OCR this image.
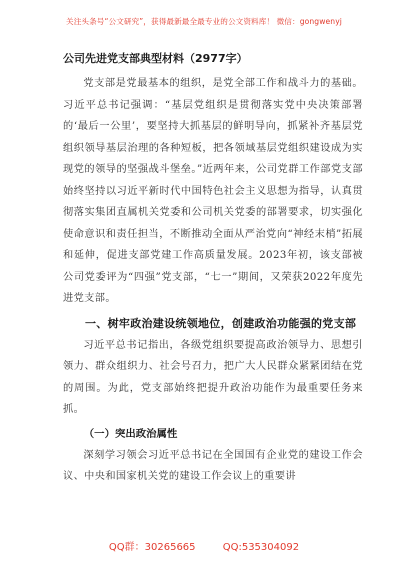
关注头条号“公文研究”，获得最新最全最专业的公文资料库！ 微信：gongwenyj
公司先进党支部典型材料（2977字）

党支部是党最基本的组织，是党全部工作和战斗力的基础。习近平总书记强调：“基层党组织是贯彻落实党中央决策部署的‘最后一公里’，要坚持大抓基层的鲜明导向，抓紧补齐基层党组织领导基层治理的各种短板，把各领域基层党组织建设成为实现党的领导的坚强战斗堡垒。”近两年来，公司党群工作部党支部始终坚持以习近平新时代中国特色社会主义思想为指导，认真贯彻落实集团直属机关党委和公司机关党委的部署要求，切实强化使命意识和责任担当，不断推动全面从严治党向“神经末梢”拓展和延伸，促进支部党建工作高质量发展。2023年初，该支部被公司党委评为“四强”党支部，“七一”期间，又荣获2022年度先进党支部。

一、树牢政治建设统领地位，创建政治功能强的党支部

习近平总书记指出，各级党组织要提高政治领导力、思想引领力、群众组织力、社会号召力，把广大人民群众紧紧团结在党的周围。为此，党支部始终把提升政治功能作为最重要任务来抓。

（一）突出政治属性

深刻学习领会习近平总书记在全国国有企业党的建设工作会议、中央和国家机关党的建设工作会议上的重要讲

QQ群：30265665	QQ:535304092
